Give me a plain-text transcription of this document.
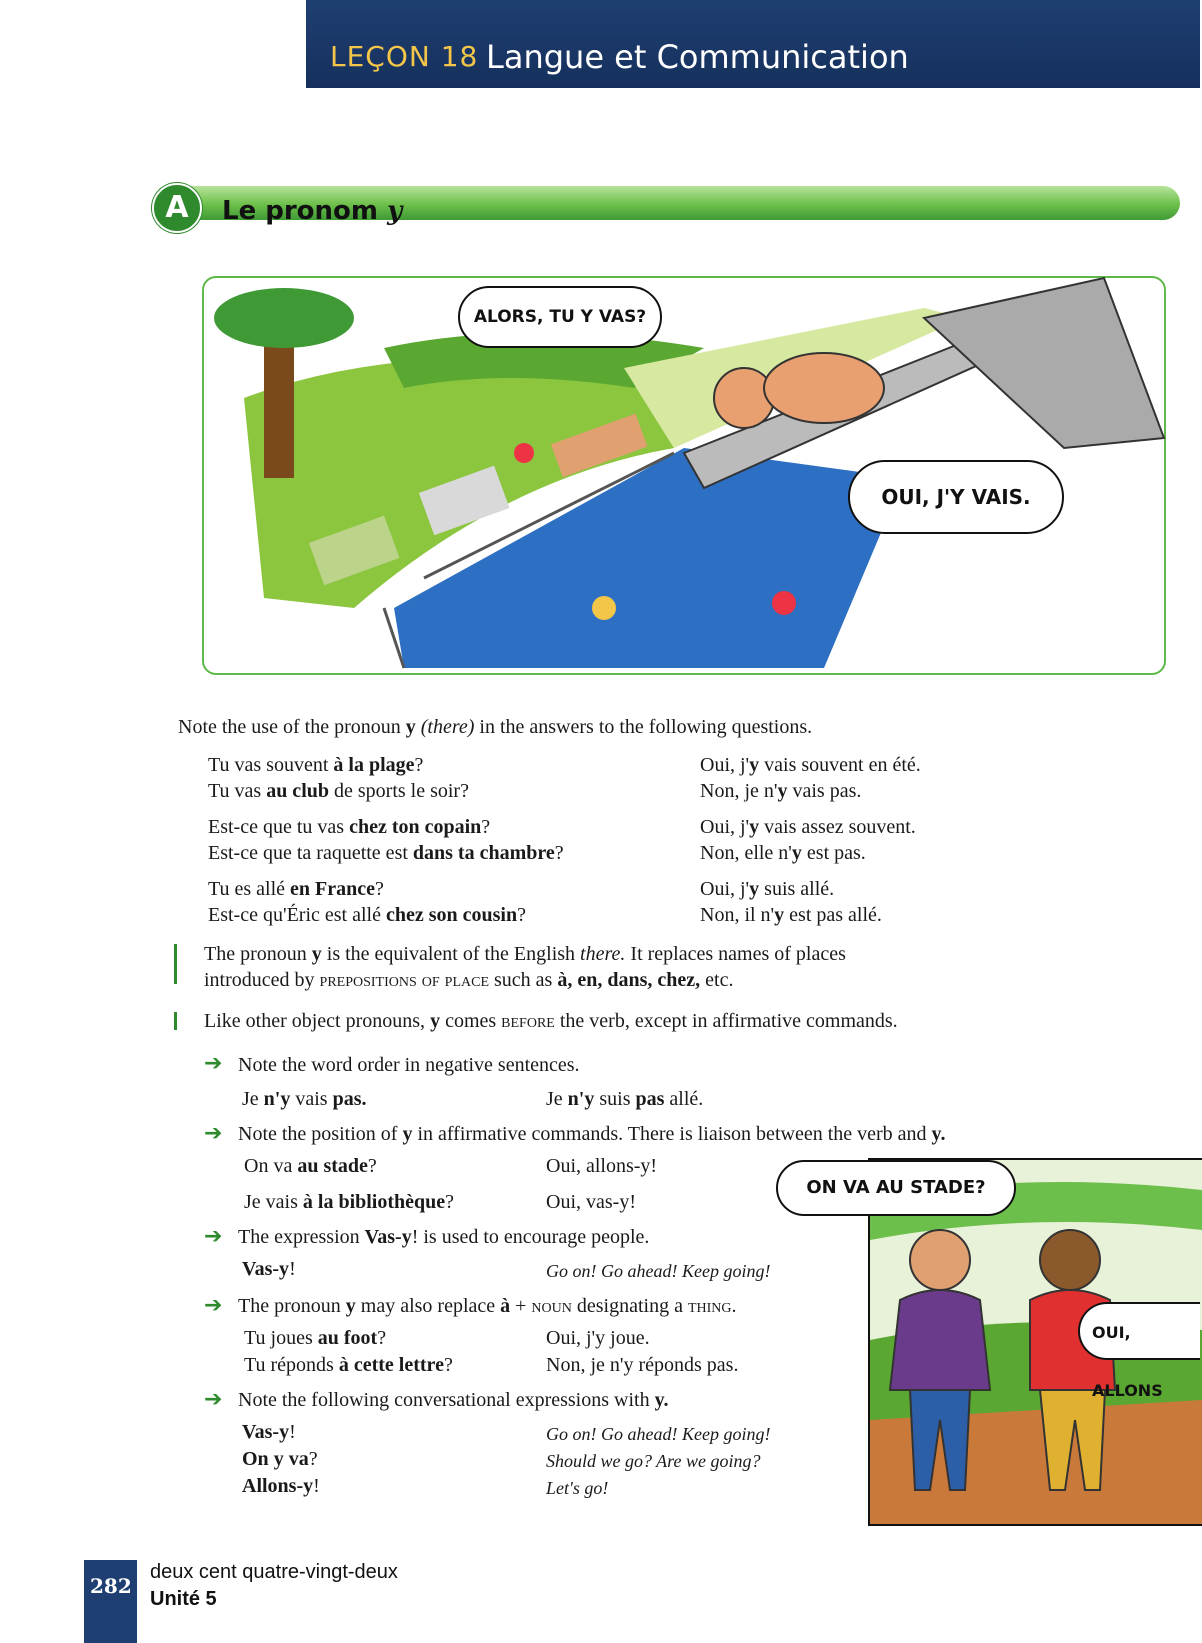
LEÇON 18 Langue et Communication
A	Le pronom y
ALORS, TU Y VAS?
OUI, J'Y VAIS.
Note the use of the pronoun y (there) in the answers to the following questions.
Tu vas souvent à la plage?	Oui, j'y vais souvent en été.
Tu vas au club de sports le soir?	Non, je n'y vais pas.
Est-ce que tu vas chez ton copain?	Oui, j'y vais assez souvent.
Est-ce que ta raquette est dans ta chambre?	Non, elle n'y est pas.
Tu es allé en France?	Oui, j'y suis allé.
Est-ce qu'Éric est allé chez son cousin?	Non, il n'y est pas allé.
The pronoun y is the equivalent of the English there. It replaces names of places
introduced by prepositions of place such as à, en, dans, chez, etc.
Like other object pronouns, y comes before the verb, except in affirmative commands.
➔ Note the word order in negative sentences.
Je n'y vais pas.	Je n'y suis pas allé.
➔ Note the position of y in affirmative commands. There is liaison between the verb and y.
On va au stade?	Oui, allons-y!
Je vais à la bibliothèque?	Oui, vas-y!
➔ The expression Vas-y! is used to encourage people.
Vas-y!	Go on! Go ahead! Keep going!
➔ The pronoun y may also replace à + noun designating a thing.
Tu joues au foot?	Oui, j'y joue.
Tu réponds à cette lettre?	Non, je n'y réponds pas.
➔ Note the following conversational expressions with y.
Vas-y!	Go on! Go ahead! Keep going!
On y va?	Should we go? Are we going?
Allons-y!	Let's go!
ON VA AU STADE?
OUI, ALLONS
282
deux cent quatre-vingt-deux
Unité 5
